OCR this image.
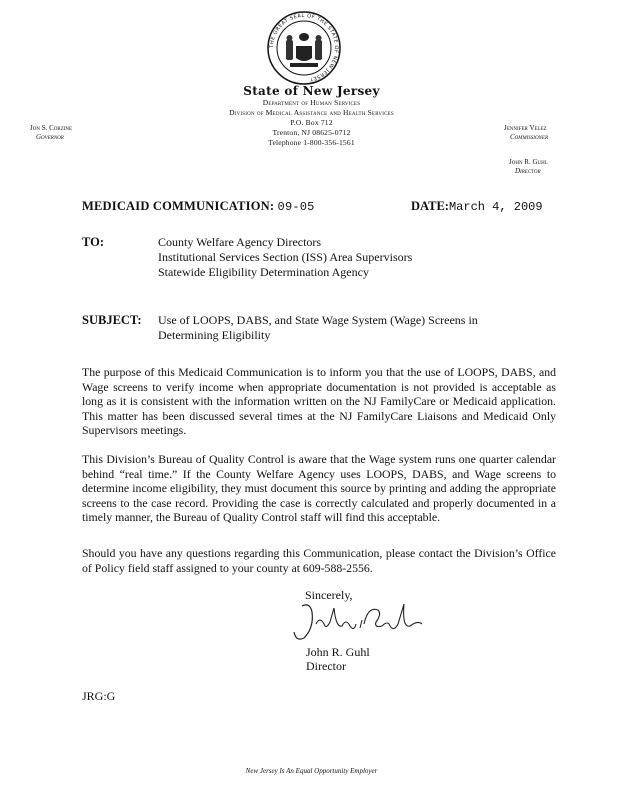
THE GREAT SEAL OF THE STATE OF NEW JERSEY
State of New Jersey
Department of Human Services
Division of Medical Assistance and Health Services
P.O. Box 712
Trenton, NJ 08625-0712
Telephone 1-800-356-1561
Jon S. Corzine
Governor
Jennifer Velez
Commissioner
John R. Guhl
Director
MEDICAID COMMUNICATION: 09-05	DATE:March 4, 2009
TO:	County Welfare Agency Directors
Institutional Services Section (ISS) Area Supervisors
Statewide Eligibility Determination Agency
SUBJECT: Use of LOOPS, DABS, and State Wage System (Wage) Screens in Determining Eligibility
The purpose of this Medicaid Communication is to inform you that the use of LOOPS, DABS, and Wage screens to verify income when appropriate documentation is not provided is acceptable as long as it is consistent with the information written on the NJ FamilyCare or Medicaid application. This matter has been discussed several times at the NJ FamilyCare Liaisons and Medicaid Only Supervisors meetings.
This Division’s Bureau of Quality Control is aware that the Wage system runs one quarter calendar behind “real time.” If the County Welfare Agency uses LOOPS, DABS, and Wage screens to determine income eligibility, they must document this source by printing and adding the appropriate screens to the case record. Providing the case is correctly calculated and properly documented in a timely manner, the Bureau of Quality Control staff will find this acceptable.
Should you have any questions regarding this Communication, please contact the Division’s Office of Policy field staff assigned to your county at 609-588-2556.
Sincerely,
John R. Guhl
Director
JRG:G
New Jersey Is An Equal Opportunity Employer
